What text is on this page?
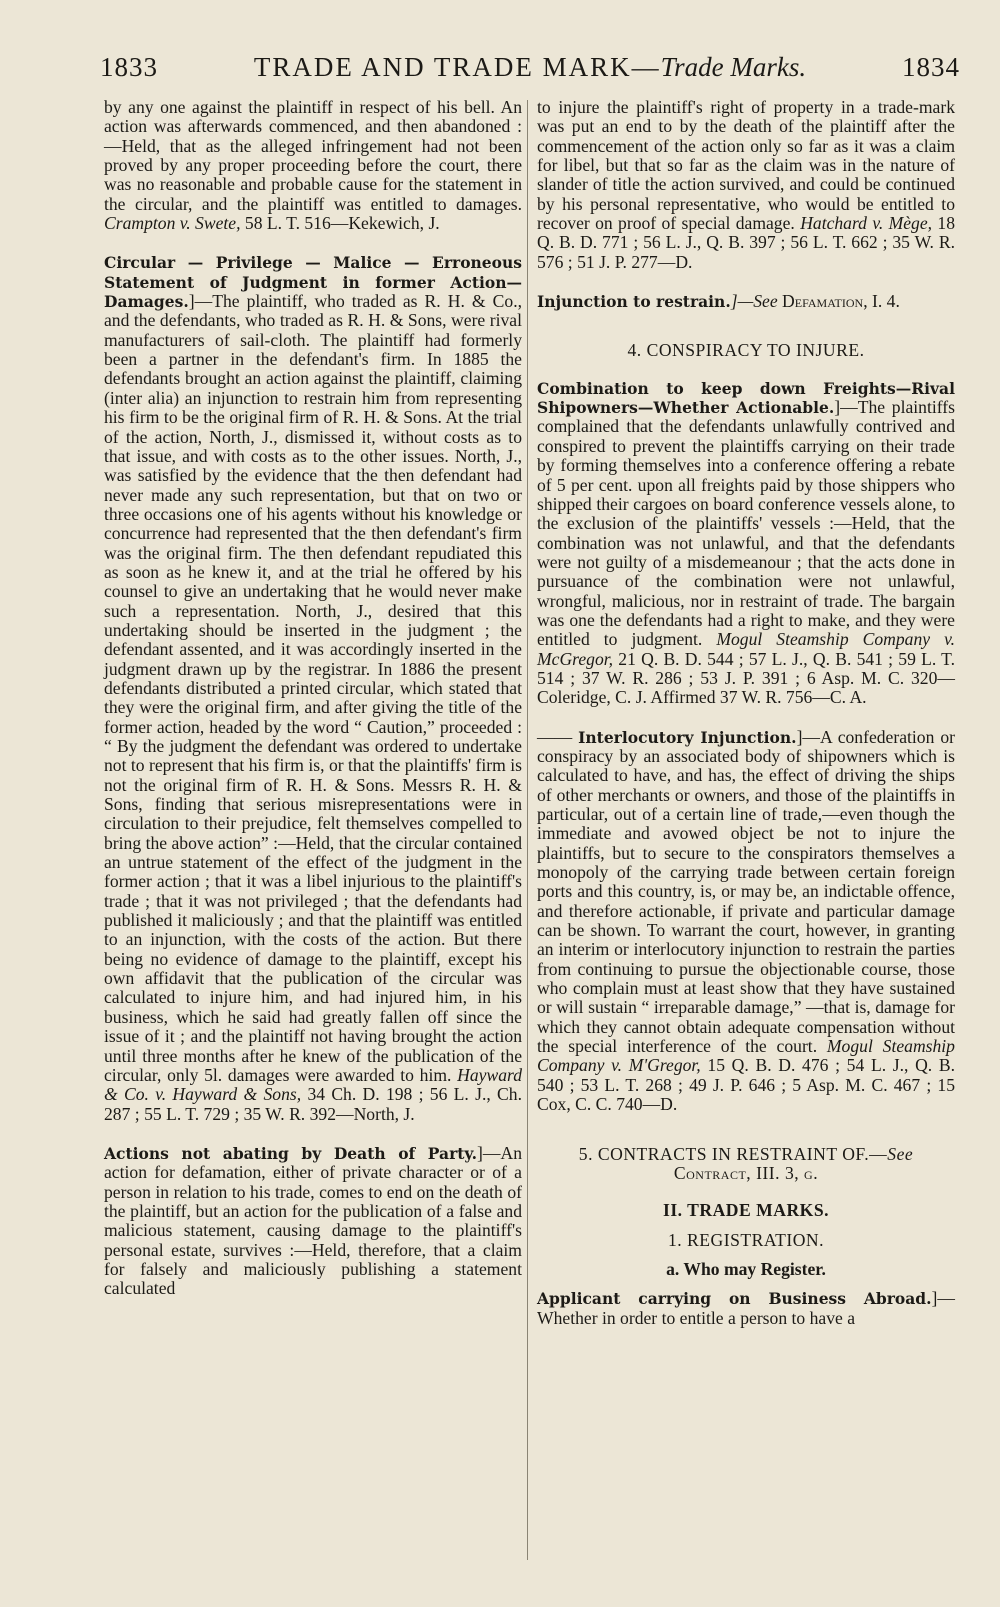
1833	TRADE AND TRADE MARK—Trade Marks.	1834

by any one against the plaintiff in respect of his bell. An action was afterwards commenced, and then abandoned :—Held, that as the alleged infringement had not been proved by any proper proceeding before the court, there was no reasonable and probable cause for the statement in the circular, and the plaintiff was entitled to damages. Crampton v. Swete, 58 L. T. 516—Kekewich, J.

Circular — Privilege — Malice — Erroneous Statement of Judgment in former Action—Damages.]—The plaintiff, who traded as R. H. & Co., and the defendants, who traded as R. H. & Sons, were rival manufacturers of sail-cloth. The plaintiff had formerly been a partner in the defendant's firm. In 1885 the defendants brought an action against the plaintiff, claiming (inter alia) an injunction to restrain him from representing his firm to be the original firm of R. H. & Sons. At the trial of the action, North, J., dismissed it, without costs as to that issue, and with costs as to the other issues. North, J., was satisfied by the evidence that the then defendant had never made any such representation, but that on two or three occasions one of his agents without his knowledge or concurrence had represented that the then defendant's firm was the original firm. The then defendant repudiated this as soon as he knew it, and at the trial he offered by his counsel to give an undertaking that he would never make such a representation. North, J., desired that this undertaking should be inserted in the judgment ; the defendant assented, and it was accordingly inserted in the judgment drawn up by the registrar. In 1886 the present defendants distributed a printed circular, which stated that they were the original firm, and after giving the title of the former action, headed by the word “ Caution,” proceeded : “ By the judgment the defendant was ordered to undertake not to represent that his firm is, or that the plaintiffs' firm is not the original firm of R. H. & Sons. Messrs R. H. & Sons, finding that serious misrepresentations were in circulation to their prejudice, felt themselves compelled to bring the above action” :—Held, that the circular contained an untrue statement of the effect of the judgment in the former action ; that it was a libel injurious to the plaintiff's trade ; that it was not privileged ; that the defendants had published it maliciously ; and that the plaintiff was entitled to an injunction, with the costs of the action. But there being no evidence of damage to the plaintiff, except his own affidavit that the publication of the circular was calculated to injure him, and had injured him, in his business, which he said had greatly fallen off since the issue of it ; and the plaintiff not having brought the action until three months after he knew of the publication of the circular, only 5l. damages were awarded to him. Hayward & Co. v. Hayward & Sons, 34 Ch. D. 198 ; 56 L. J., Ch. 287 ; 55 L. T. 729 ; 35 W. R. 392—North, J.

Actions not abating by Death of Party.]—An action for defamation, either of private character or of a person in relation to his trade, comes to end on the death of the plaintiff, but an action for the publication of a false and malicious statement, causing damage to the plaintiff's personal estate, survives :—Held, therefore, that a claim for falsely and maliciously publishing a statement calculated

to injure the plaintiff's right of property in a trade-mark was put an end to by the death of the plaintiff after the commencement of the action only so far as it was a claim for libel, but that so far as the claim was in the nature of slander of title the action survived, and could be continued by his personal representative, who would be entitled to recover on proof of special damage. Hatchard v. Mège, 18 Q. B. D. 771 ; 56 L. J., Q. B. 397 ; 56 L. T. 662 ; 35 W. R. 576 ; 51 J. P. 277—D.

Injunction to restrain.]—See Defamation, I. 4.

4. CONSPIRACY TO INJURE.

Combination to keep down Freights—Rival Shipowners—Whether Actionable.]—The plaintiffs complained that the defendants unlawfully contrived and conspired to prevent the plaintiffs carrying on their trade by forming themselves into a conference offering a rebate of 5 per cent. upon all freights paid by those shippers who shipped their cargoes on board conference vessels alone, to the exclusion of the plaintiffs' vessels :—Held, that the combination was not unlawful, and that the defendants were not guilty of a misdemeanour ; that the acts done in pursuance of the combination were not unlawful, wrongful, malicious, nor in restraint of trade. The bargain was one the defendants had a right to make, and they were entitled to judgment. Mogul Steamship Company v. McGregor, 21 Q. B. D. 544 ; 57 L. J., Q. B. 541 ; 59 L. T. 514 ; 37 W. R. 286 ; 53 J. P. 391 ; 6 Asp. M. C. 320—Coleridge, C. J. Affirmed 37 W. R. 756—C. A.

—— Interlocutory Injunction.]—A confederation or conspiracy by an associated body of shipowners which is calculated to have, and has, the effect of driving the ships of other merchants or owners, and those of the plaintiffs in particular, out of a certain line of trade,—even though the immediate and avowed object be not to injure the plaintiffs, but to secure to the conspirators themselves a monopoly of the carrying trade between certain foreign ports and this country, is, or may be, an indictable offence, and therefore actionable, if private and particular damage can be shown. To warrant the court, however, in granting an interim or interlocutory injunction to restrain the parties from continuing to pursue the objectionable course, those who complain must at least show that they have sustained or will sustain “ irreparable damage,” —that is, damage for which they cannot obtain adequate compensation without the special interference of the court. Mogul Steamship Company v. M'Gregor, 15 Q. B. D. 476 ; 54 L. J., Q. B. 540 ; 53 L. T. 268 ; 49 J. P. 646 ; 5 Asp. M. C. 467 ; 15 Cox, C. C. 740—D.

5. CONTRACTS IN RESTRAINT OF.—See
Contract, III. 3, g.

II. TRADE MARKS.

1. REGISTRATION.

a. Who may Register.

Applicant carrying on Business Abroad.]—Whether in order to entitle a person to have a
